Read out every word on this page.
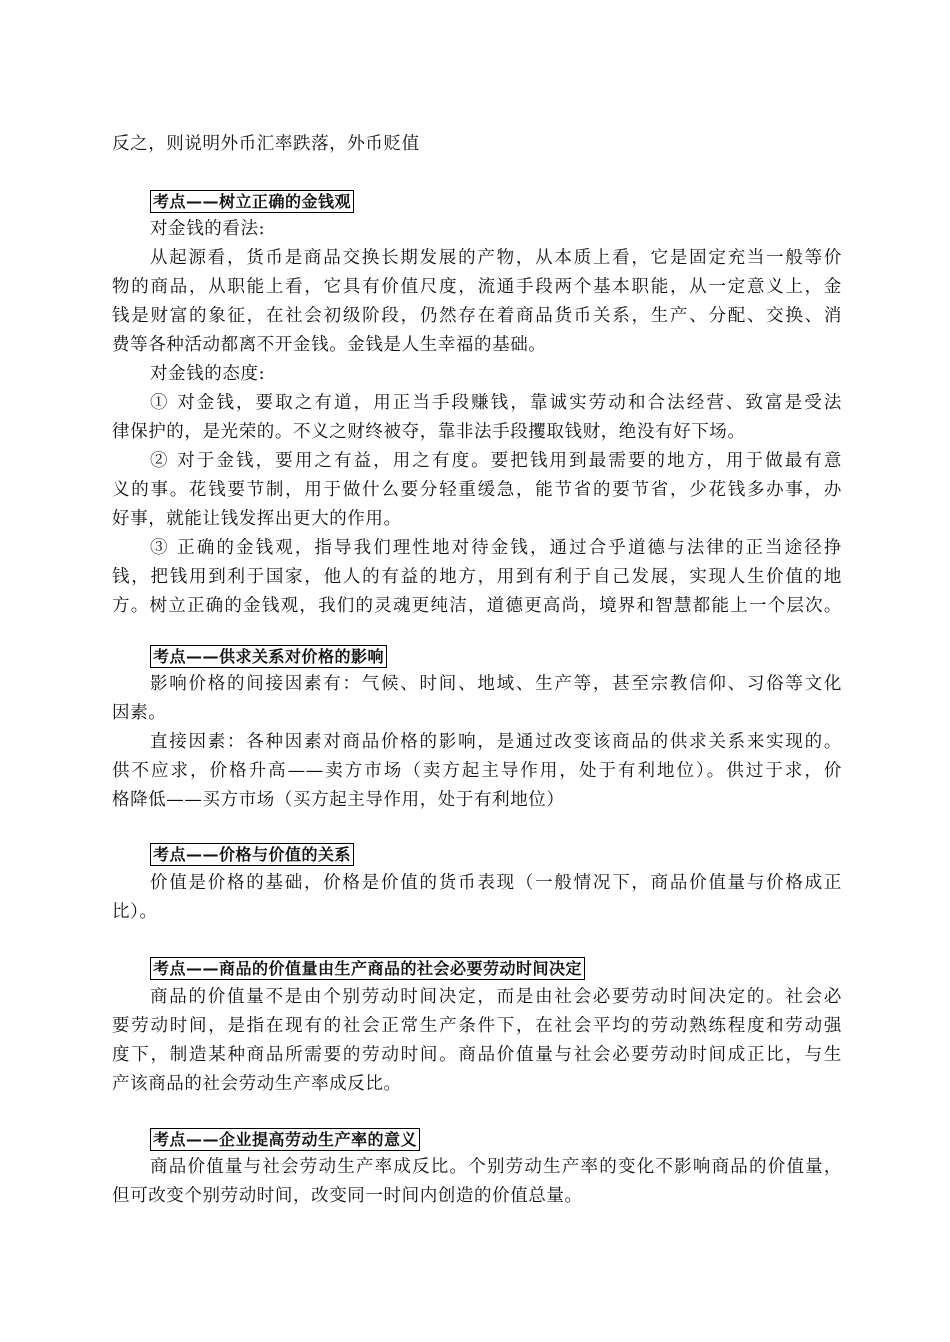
反之，则说明外币汇率跌落，外币贬值
考点——树立正确的金钱观
对金钱的看法:
从起源看，货币是商品交换长期发展的产物，从本质上看，它是固定充当一般等价
物的商品，从职能上看，它具有价值尺度，流通手段两个基本职能，从一定意义上，金
钱是财富的象征，在社会初级阶段，仍然存在着商品货币关系，生产、分配、交换、消
费等各种活动都离不开金钱。金钱是人生幸福的基础。
对金钱的态度:
① 对金钱，要取之有道，用正当手段赚钱，靠诚实劳动和合法经营、致富是受法
律保护的，是光荣的。不义之财终被夺，靠非法手段攫取钱财，绝没有好下场。
② 对于金钱，要用之有益，用之有度。要把钱用到最需要的地方，用于做最有意
义的事。花钱要节制，用于做什么要分轻重缓急，能节省的要节省，少花钱多办事，办
好事，就能让钱发挥出更大的作用。
③ 正确的金钱观，指导我们理性地对待金钱，通过合乎道德与法律的正当途径挣
钱，把钱用到利于国家，他人的有益的地方，用到有利于自己发展，实现人生价值的地
方。树立正确的金钱观，我们的灵魂更纯洁，道德更高尚，境界和智慧都能上一个层次。
考点——供求关系对价格的影响
影响价格的间接因素有：气候、时间、地域、生产等，甚至宗教信仰、习俗等文化
因素。
直接因素：各种因素对商品价格的影响，是通过改变该商品的供求关系来实现的。
供不应求，价格升高——卖方市场（卖方起主导作用，处于有利地位）。供过于求，价
格降低——买方市场（买方起主导作用，处于有利地位）
考点——价格与价值的关系
价值是价格的基础，价格是价值的货币表现（一般情况下，商品价值量与价格成正
比）。
考点——商品的价值量由生产商品的社会必要劳动时间决定
商品的价值量不是由个别劳动时间决定，而是由社会必要劳动时间决定的。社会必
要劳动时间，是指在现有的社会正常生产条件下，在社会平均的劳动熟练程度和劳动强
度下，制造某种商品所需要的劳动时间。商品价值量与社会必要劳动时间成正比，与生
产该商品的社会劳动生产率成反比。
考点——企业提高劳动生产率的意义
商品价值量与社会劳动生产率成反比。个别劳动生产率的变化不影响商品的价值量，
但可改变个别劳动时间，改变同一时间内创造的价值总量。
